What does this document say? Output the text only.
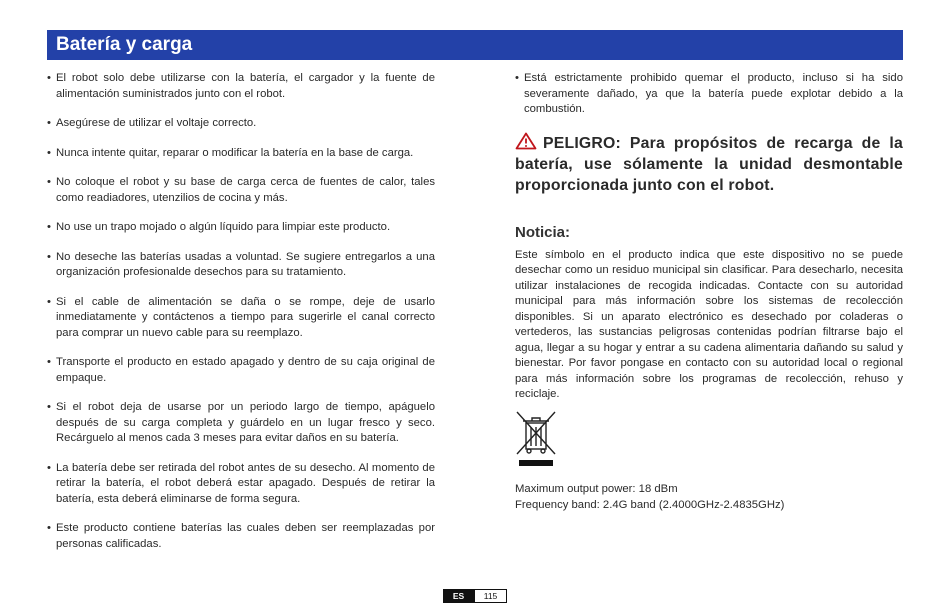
Batería y carga
• El robot solo debe utilizarse con la batería, el cargador y la fuente de alimentación suministrados junto con el robot.
• Asegúrese de utilizar el voltaje correcto.
• Nunca intente quitar, reparar o modificar la batería en la base de carga.
• No coloque el robot y su base de carga cerca de fuentes de calor, tales como readiadores, utenzilios de cocina y más.
• No use un trapo mojado o algún líquido para limpiar este producto.
• No deseche las baterías usadas a voluntad. Se sugiere entregarlos a una organización profesionalde desechos para su tratamiento.
• Si el cable de alimentación se daña o se rompe, deje de usarlo inmediatamente y contáctenos a tiempo para sugerirle el canal correcto para comprar un nuevo cable para su reemplazo.
• Transporte el producto en estado apagado y dentro de su caja original de empaque.
• Si el robot deja de usarse por un periodo largo de tiempo, apáguelo después de su carga completa y guárdelo en un lugar fresco y seco. Recárguelo al menos cada 3 meses para evitar daños en su batería.
• La batería debe ser retirada del robot antes de su desecho. Al momento de retirar la batería, el robot deberá estar apagado. Después de retirar la batería, esta deberá eliminarse de forma segura.
• Este producto contiene baterías las cuales deben ser reemplazadas por personas calificadas.
• Está estrictamente prohibido quemar el producto, incluso si ha sido severamente dañado, ya que la batería puede explotar debido a la combustión.
PELIGRO: Para propósitos de recarga de la batería, use sólamente la unidad desmontable proporcionada junto con el robot.
Noticia:
Este símbolo en el producto indica que este dispositivo no se puede desechar como un residuo municipal sin clasificar. Para desecharlo, necesita utilizar instalaciones de recogida indicadas. Contacte con su autoridad municipal para más información sobre los sistemas de recolección disponibles. Si un aparato electrónico es desechado por coladeras o vertederos, las sustancias peligrosas contenidas podrían filtrarse bajo el agua, llegar a su hogar y entrar a su cadena alimentaria dañando su salud y bienestar. Por favor pongase en contacto con su autoridad local o regional para más información sobre los programas de recolección, rehuso y reciclaje.
Maximum output power: 18 dBm
Frequency band: 2.4G band (2.4000GHz-2.4835GHz)
ES	115
